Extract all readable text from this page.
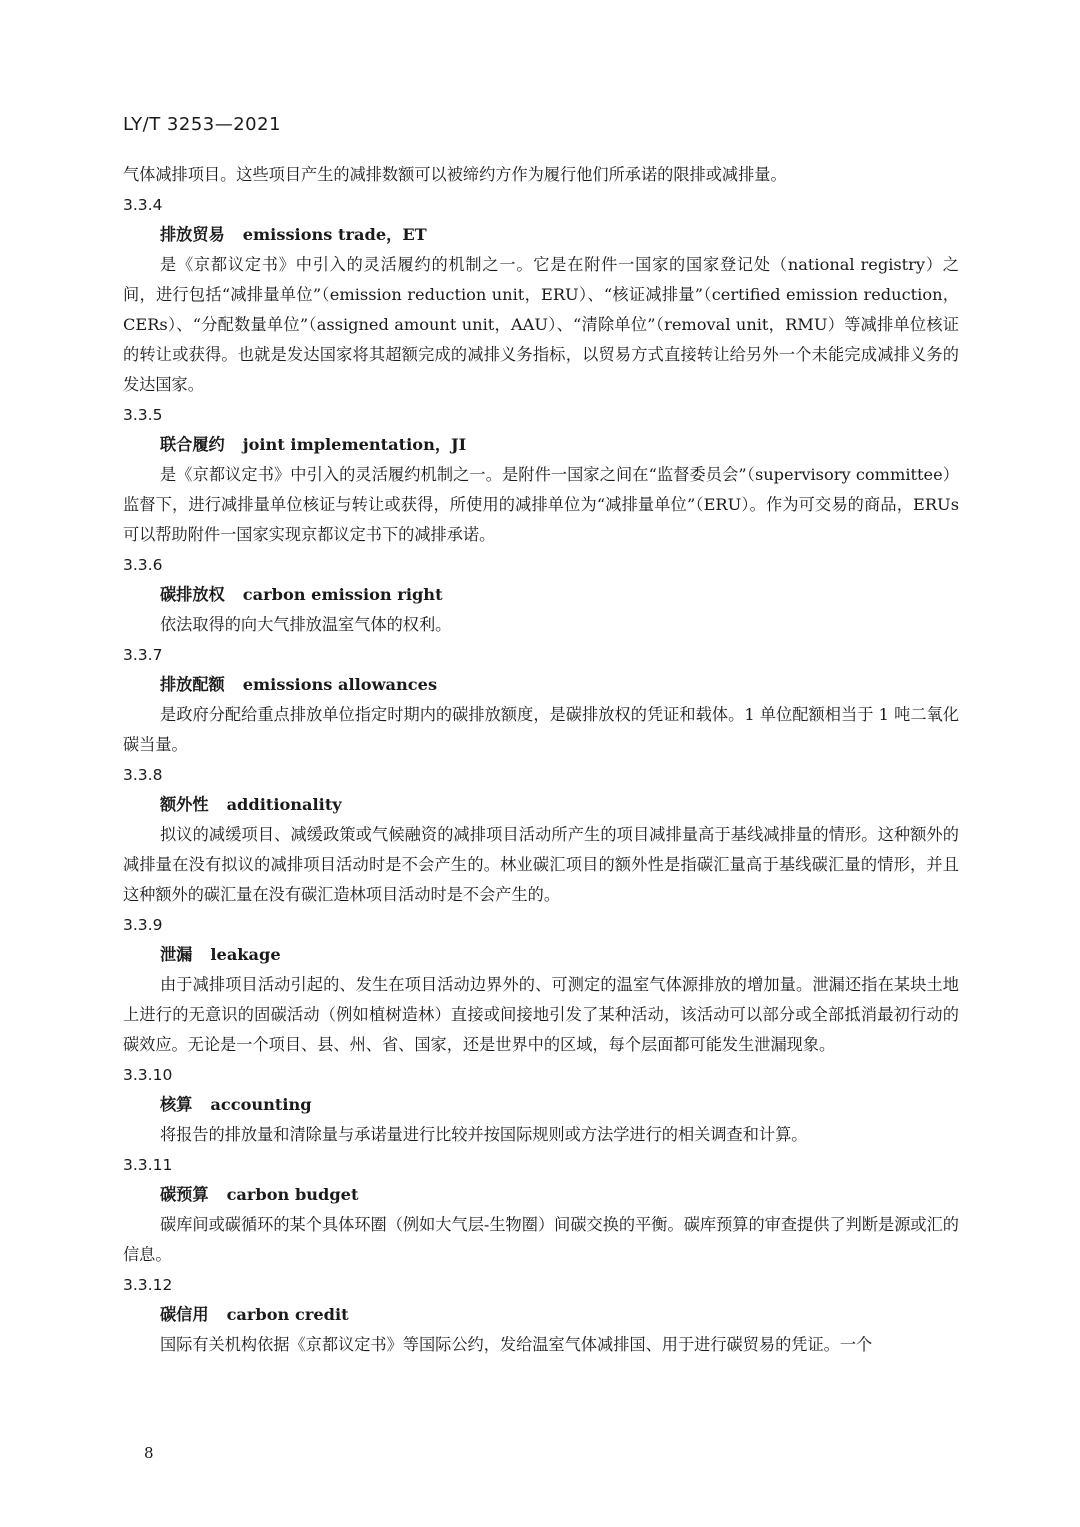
LY/T 3253—2021

气体减排项目。这些项目产生的减排数额可以被缔约方作为履行他们所承诺的限排或减排量。

3.3.4
排放贸易 emissions trade，ET

是《京都议定书》中引入的灵活履约的机制之一。它是在附件一国家的国家登记处（national registry）之间，进行包括“减排量单位”（emission reduction unit，ERU）、“核证减排量”（certified emission reduction，CERs）、“分配数量单位”（assigned amount unit，AAU）、“清除单位”（removal unit，RMU）等减排单位核证的转让或获得。也就是发达国家将其超额完成的减排义务指标，以贸易方式直接转让给另外一个未能完成减排义务的发达国家。

3.3.5
联合履约 joint implementation，JI

是《京都议定书》中引入的灵活履约机制之一。是附件一国家之间在“监督委员会”（supervisory committee）监督下，进行减排量单位核证与转让或获得，所使用的减排单位为“减排量单位”（ERU）。作为可交易的商品，ERUs 可以帮助附件一国家实现京都议定书下的减排承诺。

3.3.6
碳排放权 carbon emission right

依法取得的向大气排放温室气体的权利。

3.3.7
排放配额 emissions allowances

是政府分配给重点排放单位指定时期内的碳排放额度，是碳排放权的凭证和载体。1 单位配额相当于 1 吨二氧化碳当量。

3.3.8
额外性 additionality

拟议的减缓项目、减缓政策或气候融资的减排项目活动所产生的项目减排量高于基线减排量的情形。这种额外的减排量在没有拟议的减排项目活动时是不会产生的。林业碳汇项目的额外性是指碳汇量高于基线碳汇量的情形，并且这种额外的碳汇量在没有碳汇造林项目活动时是不会产生的。

3.3.9
泄漏 leakage

由于减排项目活动引起的、发生在项目活动边界外的、可测定的温室气体源排放的增加量。泄漏还指在某块土地上进行的无意识的固碳活动（例如植树造林）直接或间接地引发了某种活动，该活动可以部分或全部抵消最初行动的碳效应。无论是一个项目、县、州、省、国家，还是世界中的区域，每个层面都可能发生泄漏现象。

3.3.10
核算 accounting

将报告的排放量和清除量与承诺量进行比较并按国际规则或方法学进行的相关调查和计算。

3.3.11
碳预算 carbon budget

碳库间或碳循环的某个具体环圈（例如大气层-生物圈）间碳交换的平衡。碳库预算的审查提供了判断是源或汇的信息。

3.3.12
碳信用 carbon credit

国际有关机构依据《京都议定书》等国际公约，发给温室气体减排国、用于进行碳贸易的凭证。一个

8
